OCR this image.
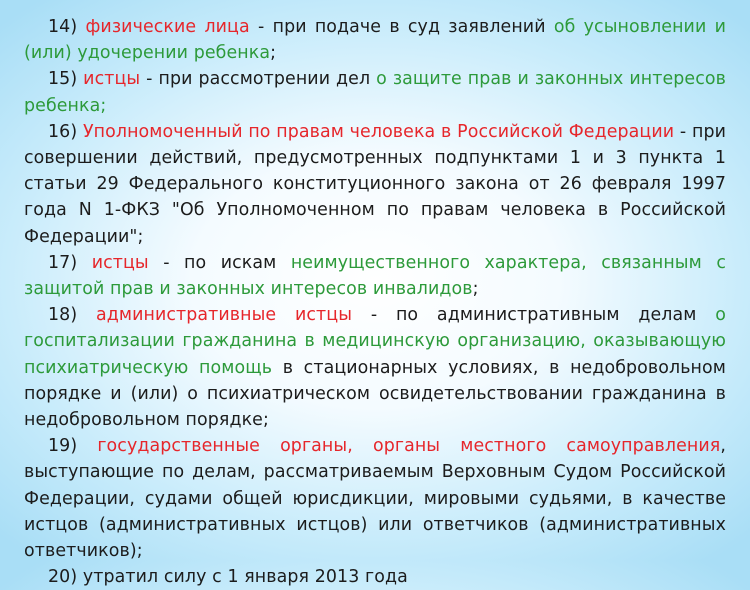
14) физические лица - при подаче в суд заявлений об усыновлении и (или) удочерении ребенка;

15) истцы - при рассмотрении дел о защите прав и законных интересов ребенка;

16) Уполномоченный по правам человека в Российской Федерации - при совершении действий, предусмотренных подпунктами 1 и 3 пункта 1 статьи 29 Федерального конституционного закона от 26 февраля 1997 года N 1-ФКЗ "Об Уполномоченном по правам человека в Российской Федерации";

17) истцы - по искам неимущественного характера, связанным с защитой прав и законных интересов инвалидов;

18) административные истцы - по административным делам о госпитализации гражданина в медицинскую организацию, оказывающую психиатрическую помощь в стационарных условиях, в недобровольном порядке и (или) о психиатрическом освидетельствовании гражданина в недобровольном порядке;

19) государственные органы, органы местного самоуправления, выступающие по делам, рассматриваемым Верховным Судом Российской Федерации, судами общей юрисдикции, мировыми судьями, в качестве истцов (административных истцов) или ответчиков (административных ответчиков);

20) утратил силу с 1 января 2013 года
